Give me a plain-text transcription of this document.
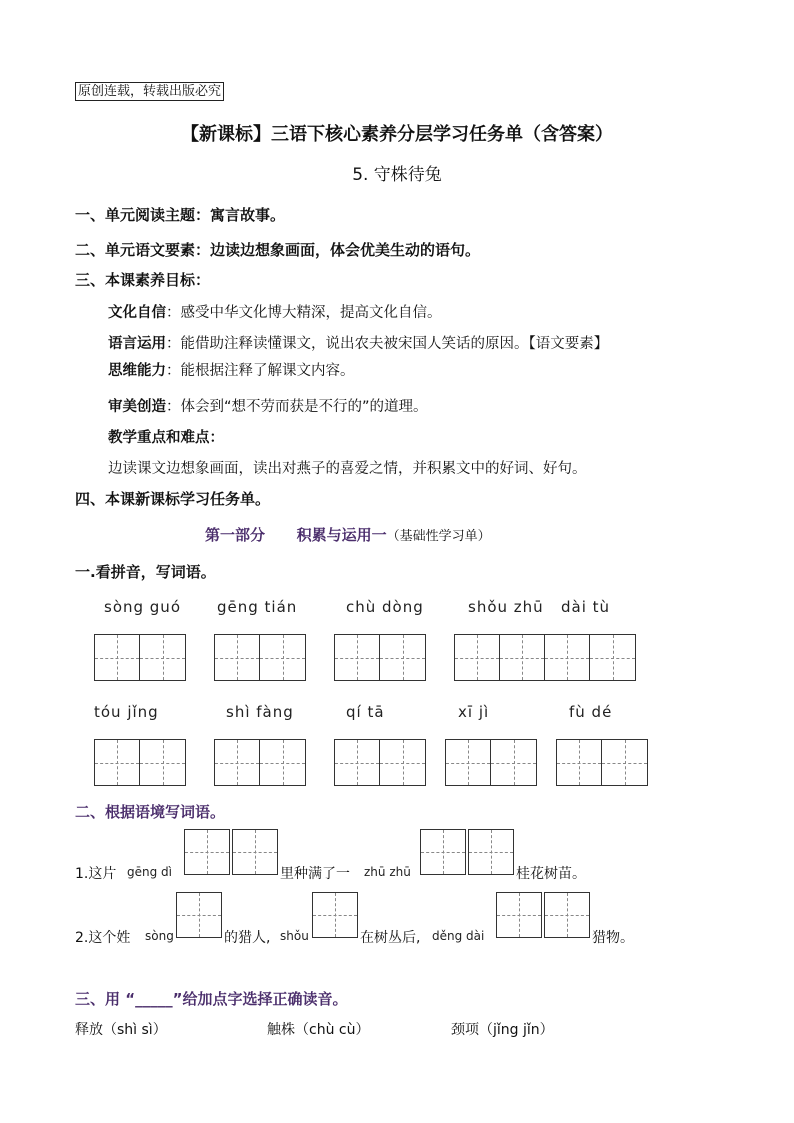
原创连载，转载出版必究
【新课标】三语下核心素养分层学习任务单（含答案）
5. 守株待兔
一、单元阅读主题：寓言故事。
二、单元语文要素：边读边想象画面，体会优美生动的语句。
三、本课素养目标：
文化自信：感受中华文化博大精深，提高文化自信。
语言运用：能借助注释读懂课文，说出农夫被宋国人笑话的原因。【语文要素】
思维能力：能根据注释了解课文内容。
审美创造：体会到“想不劳而获是不行的”的道理。
教学重点和难点：
边读课文边想象画面，读出对燕子的喜爱之情，并积累文中的好词、好句。
四、本课新课标学习任务单。
第一部分 积累与运用一（基础性学习单）
一.看拼音，写词语。
sòng guó gēng tián	chù dòng	shǒu zhū dài tù
tóu jǐng	shì fàng	qí tā	xī jì	fù dé
二、根据语境写词语。
1.这片 gēng dì	里种满了一 zhū zhū	桂花树苗。
2.这个姓 sòng	的猎人, shǒu	在树丛后, děng dài	猎物。
三、用 “_____”给加点字选择正确读音。
释放（shì sì）	触株（chù cù）	颈项（jǐng jǐn）
